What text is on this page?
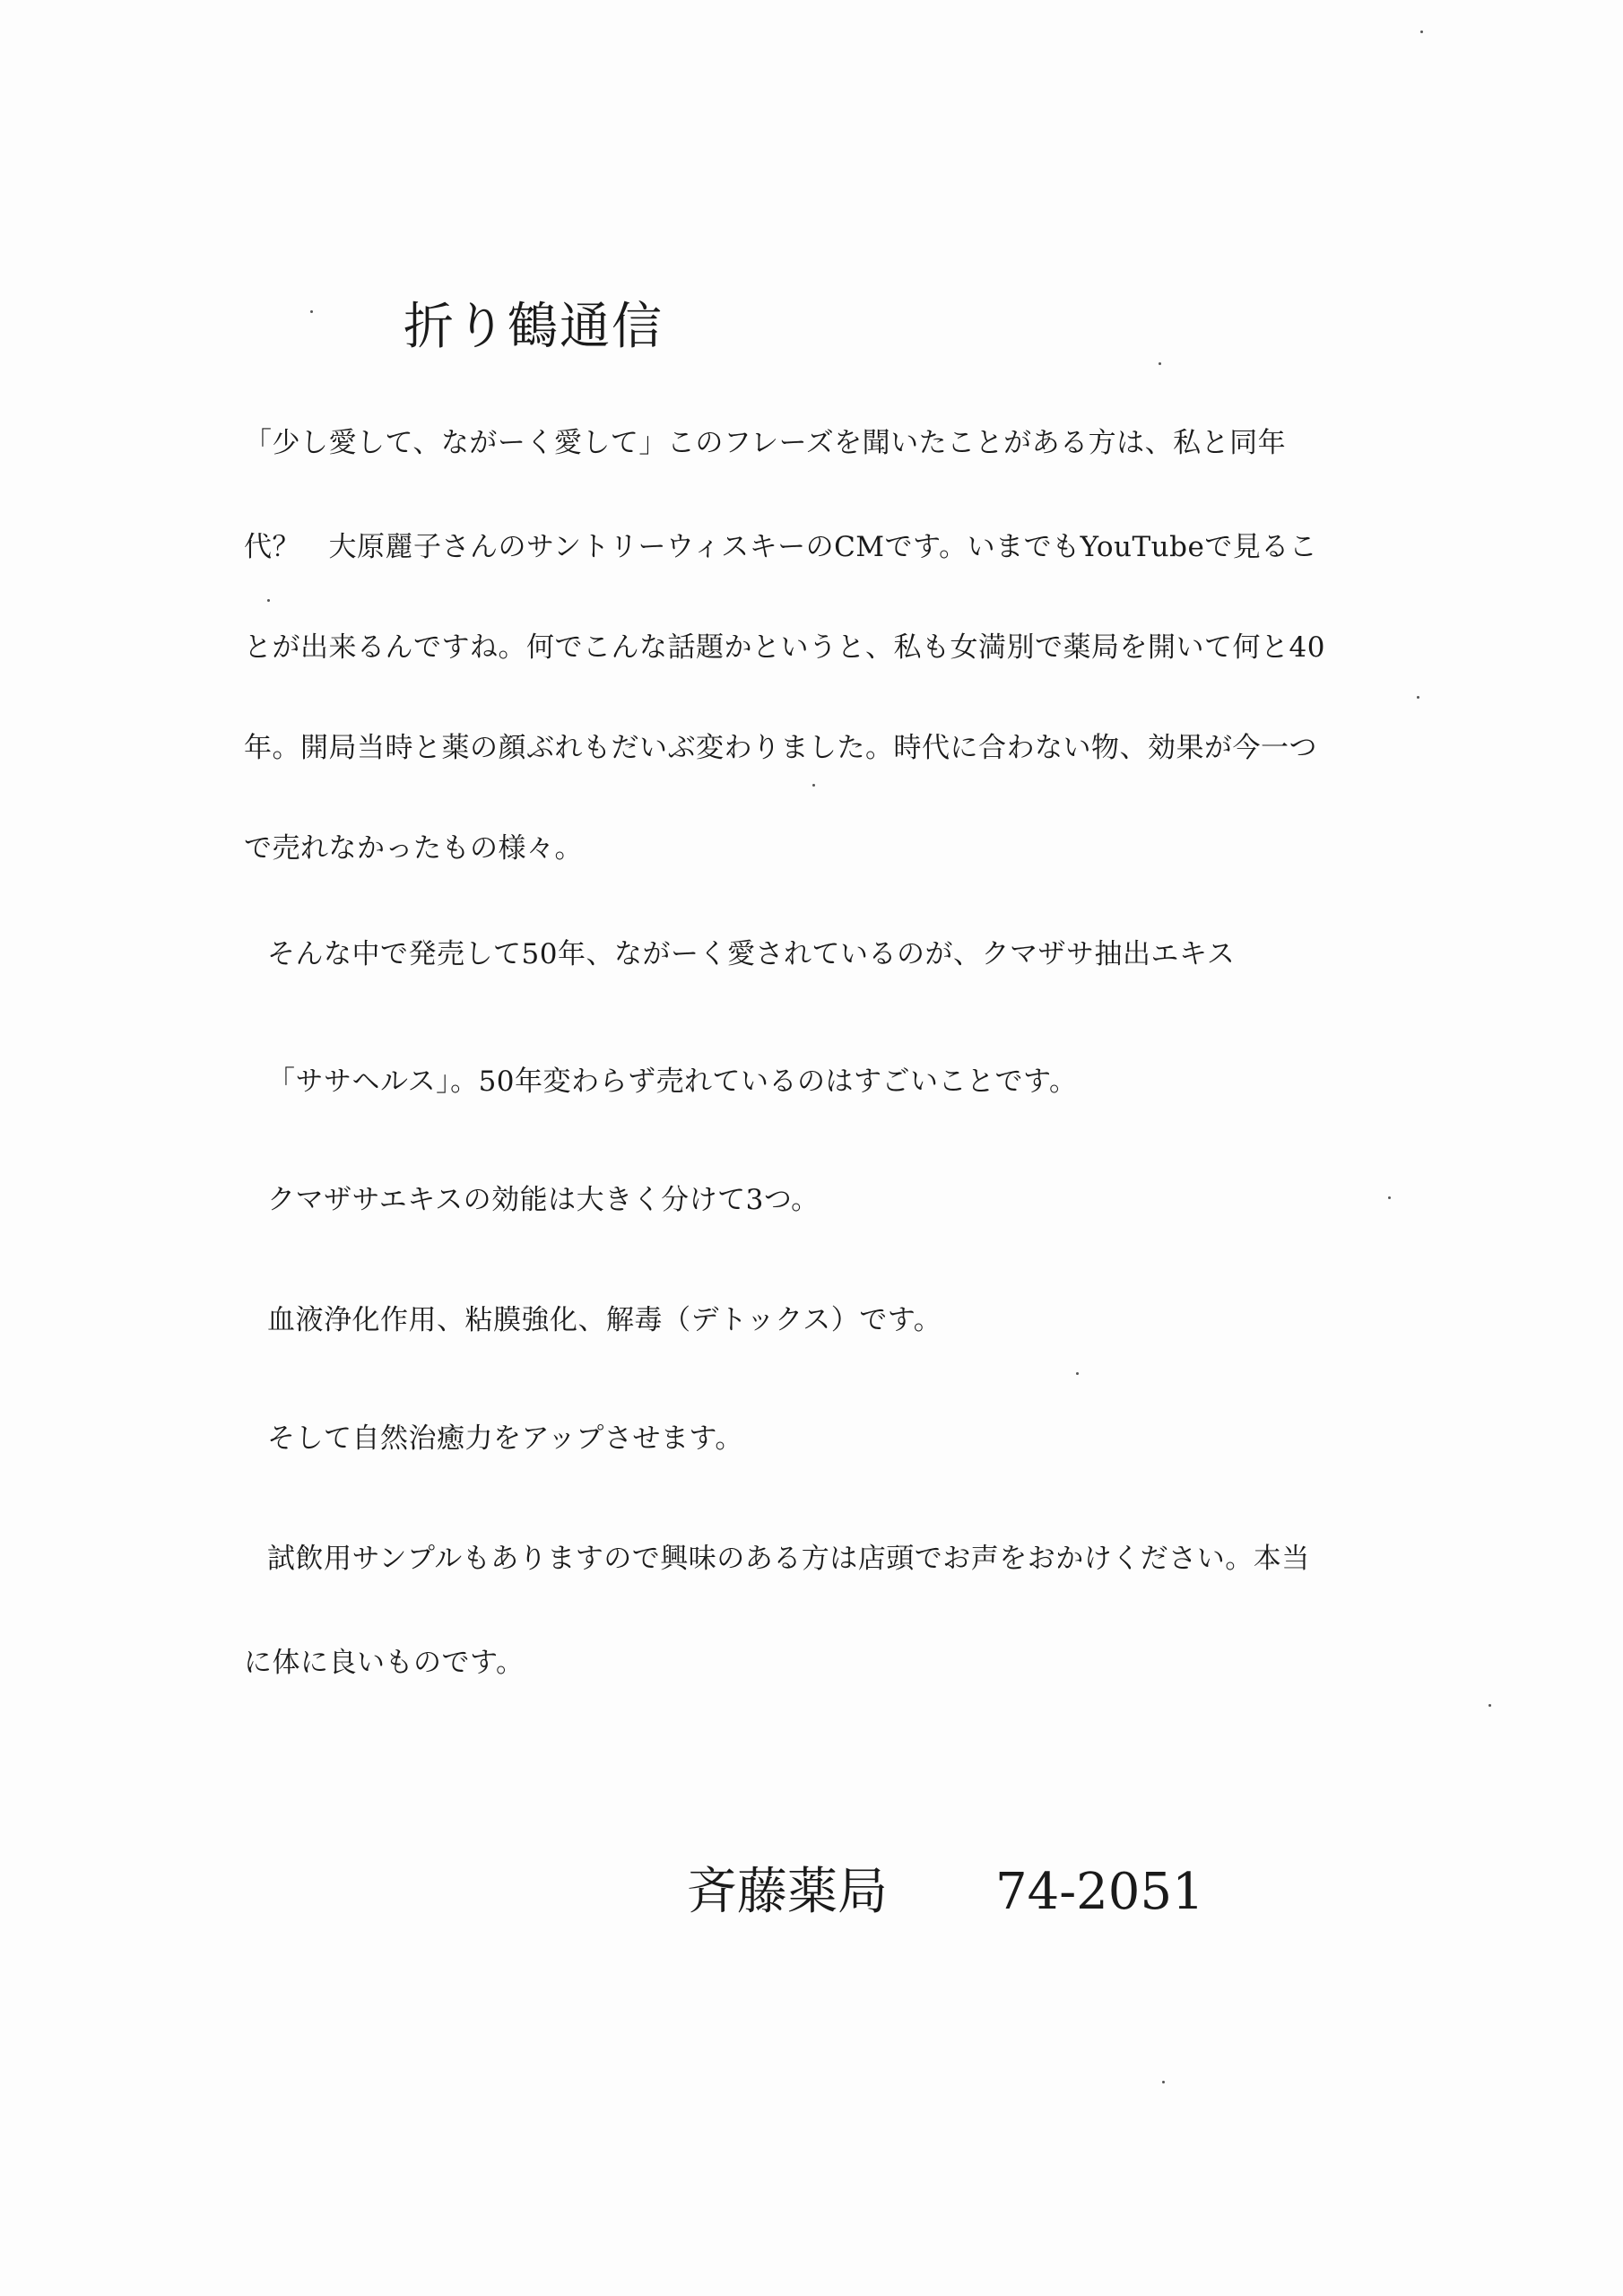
折り鶴通信
「少し愛して、ながーく愛して」このフレーズを聞いたことがある方は、私と同年
代？　大原麗子さんのサントリーウィスキーのCMです。いまでもYouTubeで見るこ
とが出来るんですね。何でこんな話題かというと、私も女満別で薬局を開いて何と40
年。開局当時と薬の顔ぶれもだいぶ変わりました。時代に合わない物、効果が今一つ
で売れなかったもの様々。
そんな中で発売して50年、ながーく愛されているのが、クマザサ抽出エキス
「ササヘルス」。50年変わらず売れているのはすごいことです。
クマザサエキスの効能は大きく分けて3つ。
血液浄化作用、粘膜強化、解毒（デトックス）です。
そして自然治癒力をアップさせます。
試飲用サンプルもありますので興味のある方は店頭でお声をおかけください。本当
に体に良いものです。
斉藤薬局 74-2051
